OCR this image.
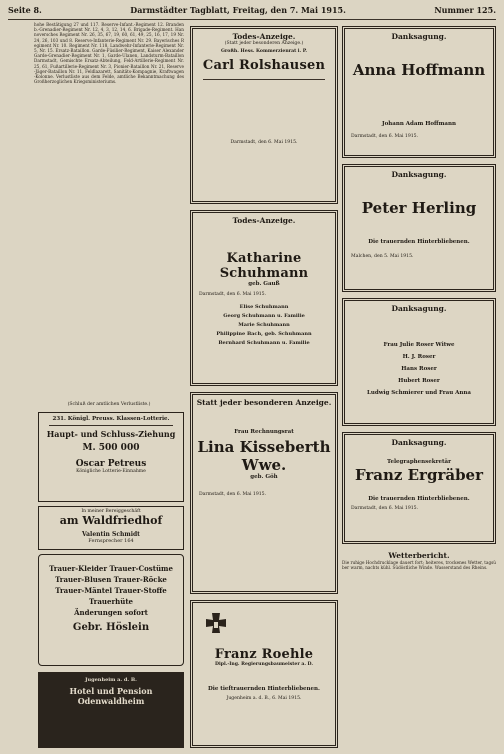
Seite 8.	Darmstädter Tagblatt, Freitag, den 7. Mai 1915.	Nummer 125.
hohe Bestätigung 27 und 117. Reserve-Infant.-Regiment 12. Brandenb.-Grenadier-Regiment Nr. 12, 4, 3, 12, 14, 6. Brigade-Regiment. Hannoversches Regiment Nr. 26, 35, 67, 19, 60, 61, 49, 25, 16, 17, 19 Nr. 24, 26, 103 und 8. Reserve-Infanterie-Regiment Nr. 29. Bayerisches Regiment Nr. 10. Regiment Nr. 118, Landwehr-Infanterie-Regiment Nr. 5, Nr. 15. Ersatz-Bataillon. Garde-Füsilier-Regiment, Kaiser Alexander Garde-Grenadier-Regiment Nr. 1, Garde-Ulanen, Landsturm-Bataillon Darmstadt, Gemischte Ersatz-Abteilung, Feld-Artillerie-Regiment Nr. 25, 61, Fußartillerie-Regiment Nr. 3, Pionier-Bataillon Nr. 21, Reserve-Jäger-Bataillon Nr. 11, Feldlazarett, Sanitäts-Kompagnie, Kraftwagen-Kolonne. Verlustliste aus dem Felde, amtliche Bekanntmachung des Großherzoglichen Kriegsministeriums.
(Schluß der amtlichen Verlustliste.)
231. Königl. Preuss. Klassen-Lotterie.
Haupt- und Schluss-Ziehung
M. 500 000
Oscar Petreus
Königliche Lotterie-Einnahme
In meiner Bereiggeschäft
am Waldfriedhof
Valentin Schmidt
Fernsprecher 164
Trauer-Kleider Trauer-Costüme
Trauer-Blusen Trauer-Röcke
Trauer-Mäntel Trauer-Stoffe
Trauerhüte
Änderungen sofort
Gebr. Höslein
Jugenheim a. d. B.
Hotel und Pension Odenwaldheim
Todes-Anzeige.
(Statt jeder besonderen Anzeige.)
Großh. Hess. Kommerzienrat i. P.
Carl Rolshausen
Darmstadt, den 6. Mai 1915.
Todes-Anzeige.
Katharine Schuhmann
geb. Gauß
Darmstadt, den 6. Mai 1915.
Elise Schuhmann
Georg Schuhmann u. Familie
Marie Schuhmann
Philippine Bach, geb. Schuhmann
Bernhard Schuhmann u. Familie
Statt jeder besonderen Anzeige.
Frau Rechnungsrat
Lina Kisseberth Wwe.
geb. Göh
Darmstadt, den 6. Mai 1915.
Franz Roehle
Dipl.-Ing. Regierungsbaumeister a. D.
Die tieftrauernden Hinterbliebenen.
Jugenheim a. d. B., 6. Mai 1915.
Danksagung.
Anna Hoffmann
Johann Adam Hoffmann
Darmstadt, den 6. Mai 1915.
Danksagung.
Peter Herling
Die trauernden Hinterbliebenen.
Malchen, den 5. Mai 1915.
Danksagung.
Frau Julie Roser Witwe
H. J. Roser
Hans Roser
Hubert Roser
Ludwig Schmierer und Frau Anna
Danksagung.
Telegraphensekretär
Franz Ergräber
Die trauernden Hinterbliebenen.
Darmstadt, den 6. Mai 1915.
Wetterbericht.
Die ruhige Hochdrucklage dauert fort; heiteres, trockenes Wetter, tagsüber warm, nachts kühl. Südöstliche Winde. Wasserstand des Rheins.
